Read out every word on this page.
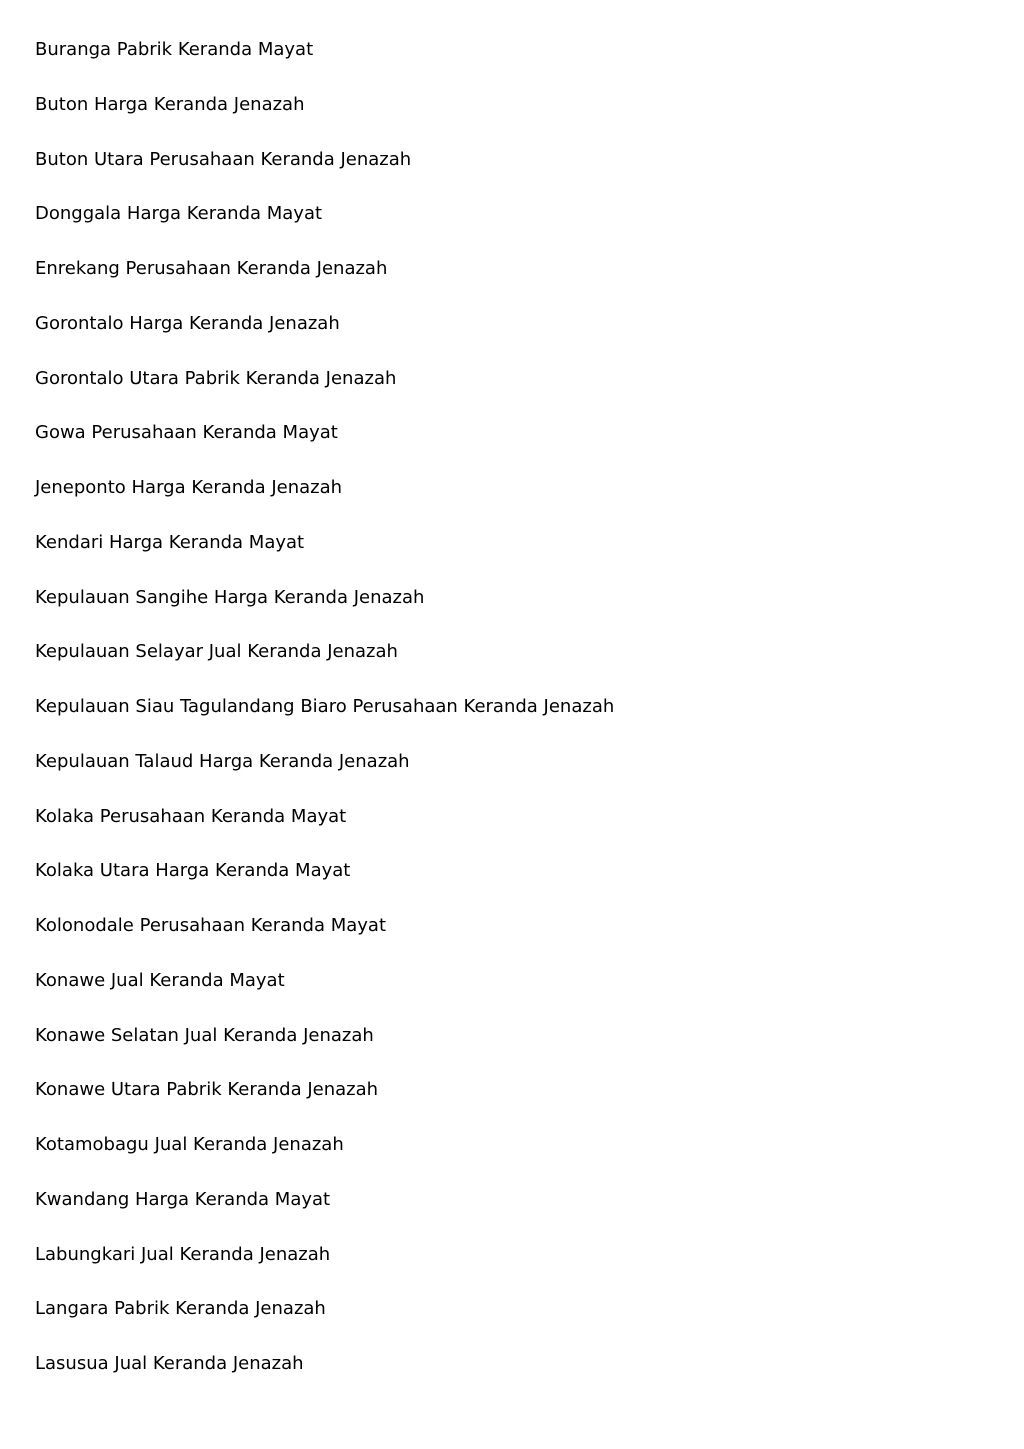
Buranga Pabrik Keranda Mayat
Buton Harga Keranda Jenazah
Buton Utara Perusahaan Keranda Jenazah
Donggala Harga Keranda Mayat
Enrekang Perusahaan Keranda Jenazah
Gorontalo Harga Keranda Jenazah
Gorontalo Utara Pabrik Keranda Jenazah
Gowa Perusahaan Keranda Mayat
Jeneponto Harga Keranda Jenazah
Kendari Harga Keranda Mayat
Kepulauan Sangihe Harga Keranda Jenazah
Kepulauan Selayar Jual Keranda Jenazah
Kepulauan Siau Tagulandang Biaro Perusahaan Keranda Jenazah
Kepulauan Talaud Harga Keranda Jenazah
Kolaka Perusahaan Keranda Mayat
Kolaka Utara Harga Keranda Mayat
Kolonodale Perusahaan Keranda Mayat
Konawe Jual Keranda Mayat
Konawe Selatan Jual Keranda Jenazah
Konawe Utara Pabrik Keranda Jenazah
Kotamobagu Jual Keranda Jenazah
Kwandang Harga Keranda Mayat
Labungkari Jual Keranda Jenazah
Langara Pabrik Keranda Jenazah
Lasusua Jual Keranda Jenazah
